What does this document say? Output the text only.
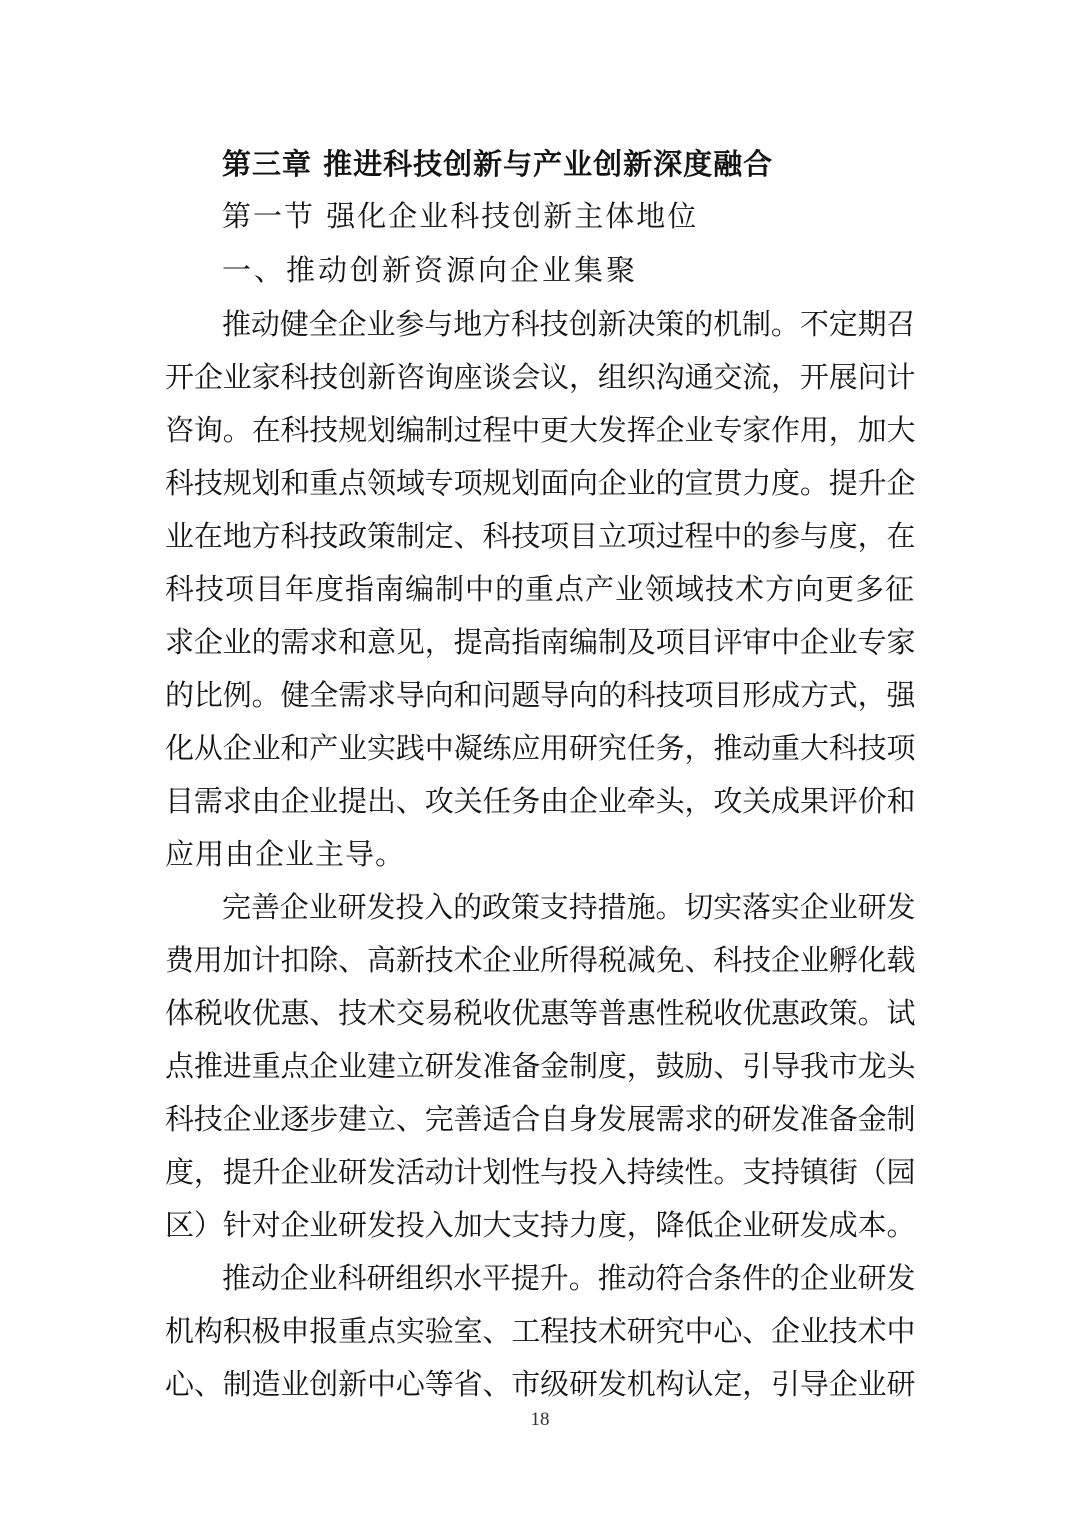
第三章 推进科技创新与产业创新深度融合
第一节 强化企业科技创新主体地位
一、推动创新资源向企业集聚
推动健全企业参与地方科技创新决策的机制。不定期召
开企业家科技创新咨询座谈会议，组织沟通交流，开展问计
咨询。在科技规划编制过程中更大发挥企业专家作用，加大
科技规划和重点领域专项规划面向企业的宣贯力度。提升企
业在地方科技政策制定、科技项目立项过程中的参与度，在
科技项目年度指南编制中的重点产业领域技术方向更多征
求企业的需求和意见，提高指南编制及项目评审中企业专家
的比例。健全需求导向和问题导向的科技项目形成方式，强
化从企业和产业实践中凝练应用研究任务，推动重大科技项
目需求由企业提出、攻关任务由企业牵头，攻关成果评价和
应用由企业主导。
完善企业研发投入的政策支持措施。切实落实企业研发
费用加计扣除、高新技术企业所得税减免、科技企业孵化载
体税收优惠、技术交易税收优惠等普惠性税收优惠政策。试
点推进重点企业建立研发准备金制度，鼓励、引导我市龙头
科技企业逐步建立、完善适合自身发展需求的研发准备金制
度，提升企业研发活动计划性与投入持续性。支持镇街（园
区）针对企业研发投入加大支持力度，降低企业研发成本。
推动企业科研组织水平提升。推动符合条件的企业研发
机构积极申报重点实验室、工程技术研究中心、企业技术中
心、制造业创新中心等省、市级研发机构认定，引导企业研
18
